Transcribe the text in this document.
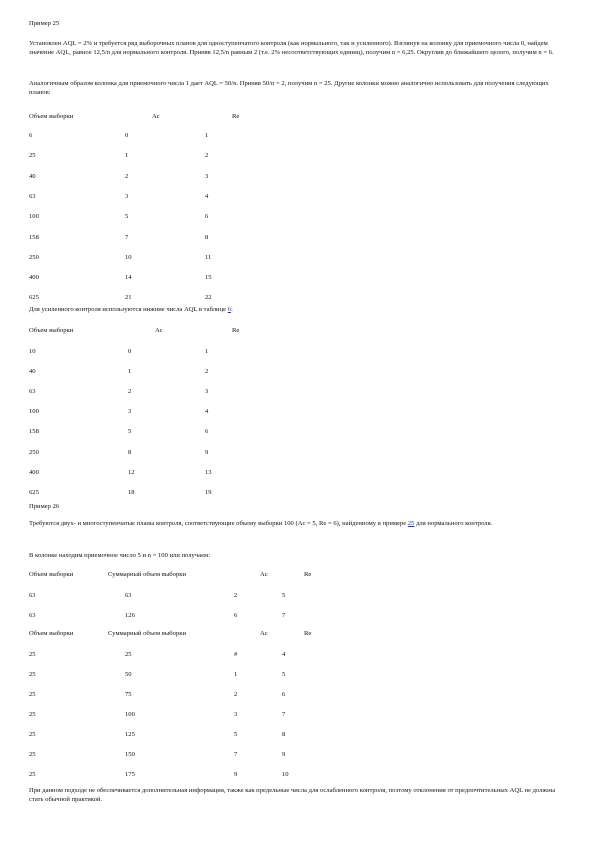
Пример 25
Установлен AQL = 2% и требуется ряд выборочных планов для одноступенчатого контроля (как нормального, так и усиленного). Взглянув на колонку для приемочного числа 0, найдем значение AQL, равное 12,5/n для нормального контроля. Приняв 12,5/n равным 2 (т.е. 2% несоответствующих единиц), получим n = 6,25. Округлив до ближайшего целого, получим n = 6.
Аналогичным образом колонка для приемочного числа 1 дает AQL = 50/n. Приняв 50/n = 2, получим n = 25. Другие колонки можно аналогично использовать для получения следующих планов:
Объем выборки	Ac	Re
6	0	1
25	1	2
40	2	3
63	3	4
100	5	6
158	7	8
250	10	11
400	14	15
625	21	22
Для усиленного контроля используются нижние числа AQL в таблице 6:
Объем выборки	Ac	Re
10	0	1
40	1	2
63	2	3
100	3	4
158	5	6
250	8	9
400	12	13
625	18	19
Пример 26
Требуются двух- и многоступенчатые планы контроля, соответствующие объему выборки 100 (Ac = 5, Re = 6), найденному в примере 25 для нормального контроля.
В колонке находим приемочное число 5 и n = 100 или получаем:
Объем выборки	Суммарный объем выборки	Ac	Re
63	63	2	5
63	126	6	7
Объем выборки	Суммарный объем выборки	Ac	Re
25	25	#	4
25	50	1	5
25	75	2	6
25	100	3	7
25	125	5	8
25	150	7	9
25	175	9	10
При данном подходе не обеспечивается дополнительная информация, также как предельные числа для ослабленного контроля, поэтому отклонения от предпочтительных AQL не должны стать обычной практикой.
